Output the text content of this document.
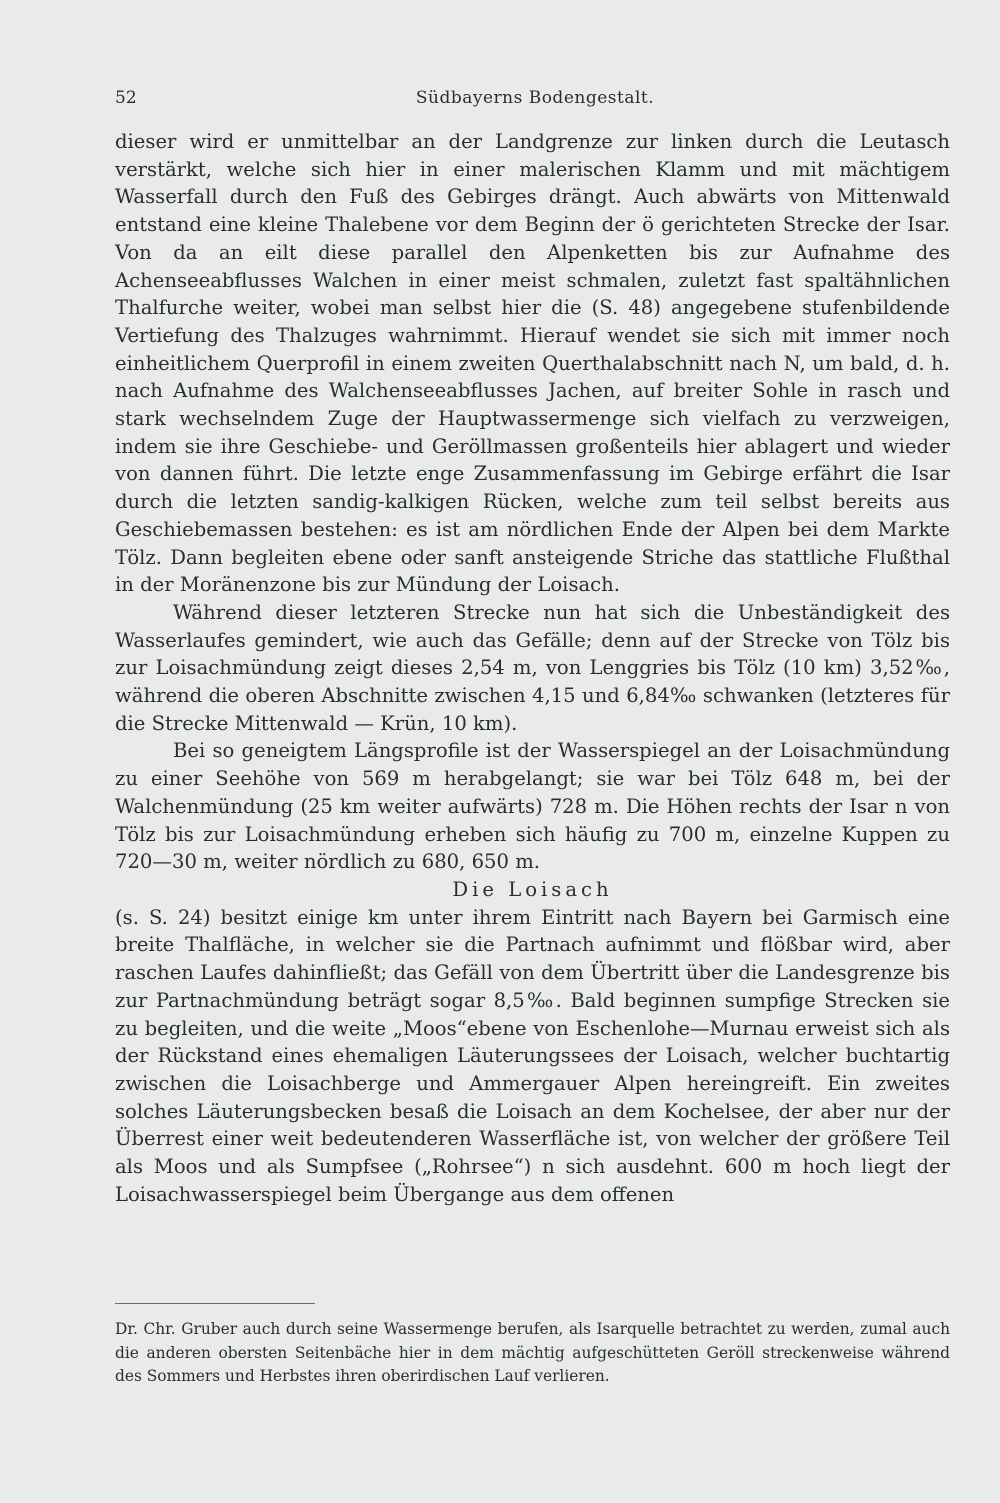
52	Südbayerns Bodengestalt.

dieser wird er unmittelbar an der Landgrenze zur linken durch die Leutasch verstärkt, welche sich hier in einer malerischen Klamm und mit mächtigem Wasserfall durch den Fuß des Gebirges drängt. Auch abwärts von Mittenwald entstand eine kleine Thalebene vor dem Beginn der ö gerichteten Strecke der Isar. Von da an eilt diese parallel den Alpenketten bis zur Aufnahme des Achenseeabflusses Walchen in einer meist schmalen, zuletzt fast spaltähnlichen Thalfurche weiter, wobei man selbst hier die (S. 48) angegebene stufenbildende Vertiefung des Thalzuges wahrnimmt. Hierauf wendet sie sich mit immer noch einheitlichem Querprofil in einem zweiten Querthalabschnitt nach N, um bald, d. h. nach Aufnahme des Walchenseeabflusses Jachen, auf breiter Sohle in rasch und stark wechselndem Zuge der Hauptwassermenge sich vielfach zu verzweigen, indem sie ihre Geschiebe- und Geröllmassen großenteils hier ablagert und wieder von dannen führt. Die letzte enge Zusammenfassung im Gebirge erfährt die Isar durch die letzten sandig-kalkigen Rücken, welche zum teil selbst bereits aus Geschiebemassen bestehen: es ist am nördlichen Ende der Alpen bei dem Markte Tölz. Dann begleiten ebene oder sanft ansteigende Striche das stattliche Flußthal in der Moränenzone bis zur Mündung der Loisach.

Während dieser letzteren Strecke nun hat sich die Unbeständigkeit des Wasserlaufes gemindert, wie auch das Gefälle; denn auf der Strecke von Tölz bis zur Loisachmündung zeigt dieses 2,54 m, von Lenggries bis Tölz (10 km) 3,52‰, während die oberen Abschnitte zwischen 4,15 und 6,84‰ schwanken (letzteres für die Strecke Mittenwald — Krün, 10 km).

Bei so geneigtem Längsprofile ist der Wasserspiegel an der Loisachmündung zu einer Seehöhe von 569 m herabgelangt; sie war bei Tölz 648 m, bei der Walchenmündung (25 km weiter aufwärts) 728 m. Die Höhen rechts der Isar n von Tölz bis zur Loisachmündung erheben sich häufig zu 700 m, einzelne Kuppen zu 720—30 m, weiter nördlich zu 680, 650 m.

Die Loisach

(s. S. 24) besitzt einige km unter ihrem Eintritt nach Bayern bei Garmisch eine breite Thalfläche, in welcher sie die Partnach aufnimmt und flößbar wird, aber raschen Laufes dahinfließt; das Gefäll von dem Übertritt über die Landesgrenze bis zur Partnachmündung beträgt sogar 8,5‰. Bald beginnen sumpfige Strecken sie zu begleiten, und die weite „Moos“ebene von Eschenlohe—Murnau erweist sich als der Rückstand eines ehemaligen Läuterungssees der Loisach, welcher buchtartig zwischen die Loisachberge und Ammergauer Alpen hereingreift. Ein zweites solches Läuterungsbecken besaß die Loisach an dem Kochelsee, der aber nur der Überrest einer weit bedeutenderen Wasserfläche ist, von welcher der größere Teil als Moos und als Sumpfsee („Rohrsee“) n sich ausdehnt. 600 m hoch liegt der Loisachwasserspiegel beim Übergange aus dem offenen

Dr. Chr. Gruber auch durch seine Wassermenge berufen, als Isarquelle betrachtet zu werden, zumal auch die anderen obersten Seitenbäche hier in dem mächtig aufgeschütteten Geröll streckenweise während des Sommers und Herbstes ihren oberirdischen Lauf verlieren.
